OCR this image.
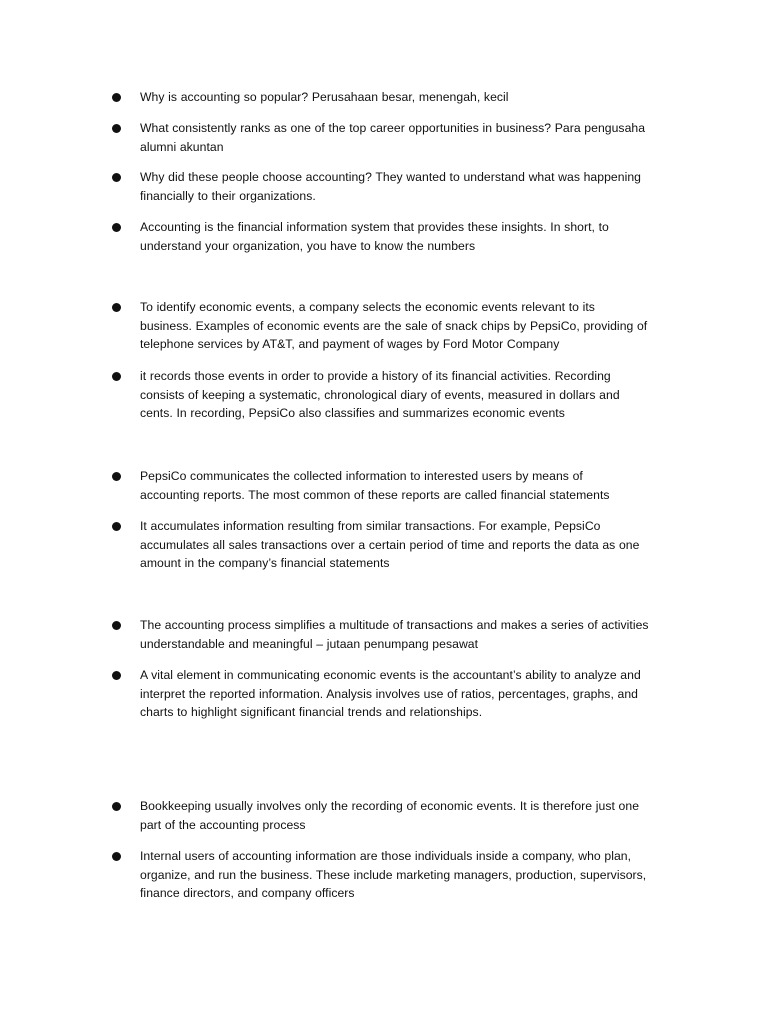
Why is accounting so popular? Perusahaan besar, menengah, kecil
What consistently ranks as one of the top career opportunities in business? Para pengusaha
alumni akuntan
Why did these people choose accounting? They wanted to understand what was happening
financially to their organizations.
Accounting is the financial information system that provides these insights. In short, to
understand your organization, you have to know the numbers
To identify economic events, a company selects the economic events relevant to its
business. Examples of economic events are the sale of snack chips by PepsiCo, providing of
telephone services by AT&T, and payment of wages by Ford Motor Company
it records those events in order to provide a history of its financial activities. Recording
consists of keeping a systematic, chronological diary of events, measured in dollars and
cents. In recording, PepsiCo also classifies and summarizes economic events
PepsiCo communicates the collected information to interested users by means of
accounting reports. The most common of these reports are called financial statements
It accumulates information resulting from similar transactions. For example, PepsiCo
accumulates all sales transactions over a certain period of time and reports the data as one
amount in the company’s financial statements
The accounting process simplifies a multitude of transactions and makes a series of activities
understandable and meaningful – jutaan penumpang pesawat
A vital element in communicating economic events is the accountant’s ability to analyze and
interpret the reported information. Analysis involves use of ratios, percentages, graphs, and
charts to highlight significant financial trends and relationships.
Bookkeeping usually involves only the recording of economic events. It is therefore just one
part of the accounting process
Internal users of accounting information are those individuals inside a company, who plan,
organize, and run the business. These include marketing managers, production, supervisors,
finance directors, and company officers
